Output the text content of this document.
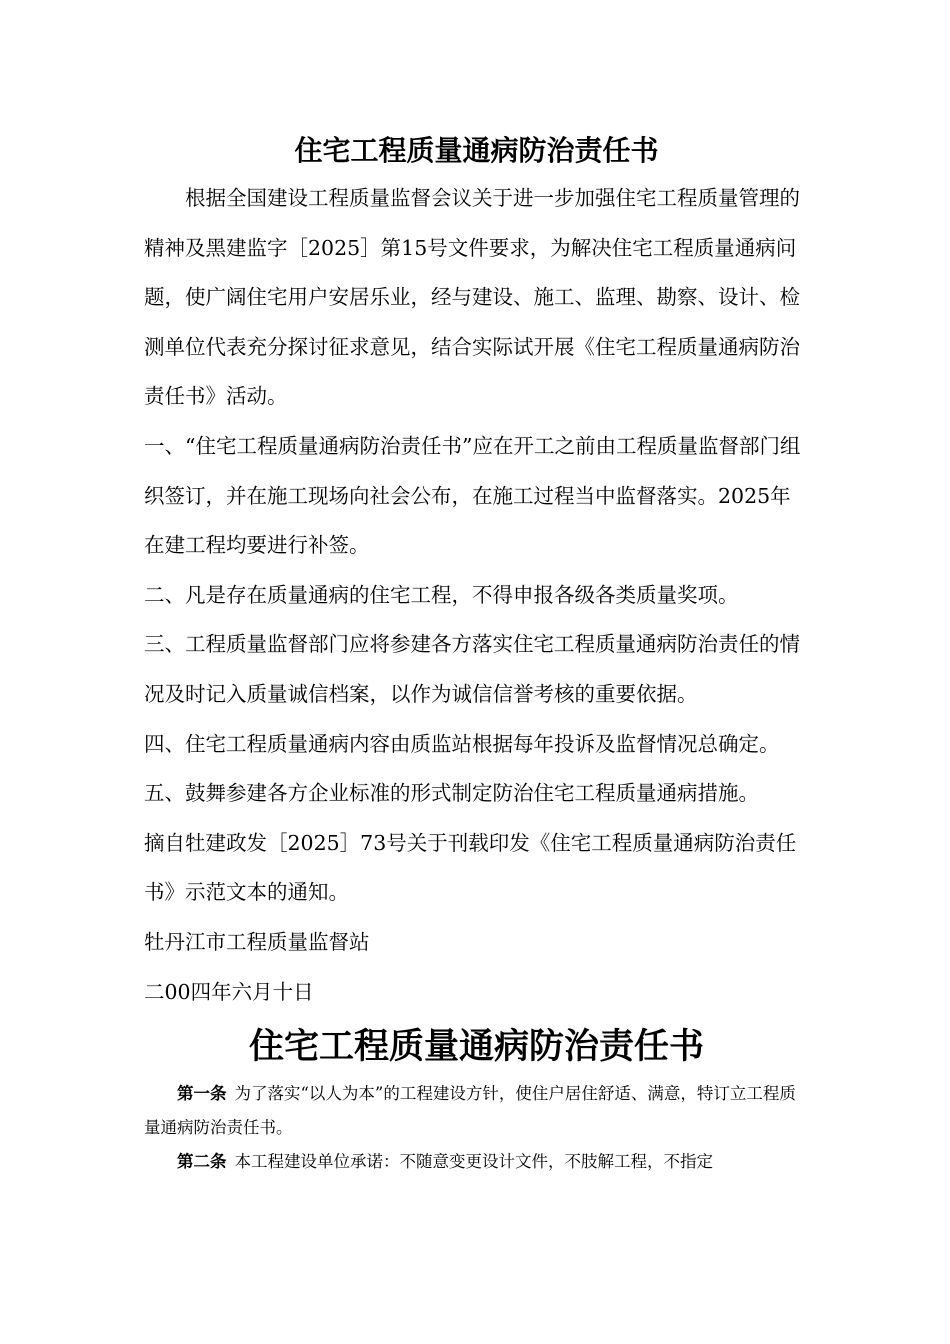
住宅工程质量通病防治责任书

根据全国建设工程质量监督会议关于进一步加强住宅工程质量管理的精神及黑建监字［2025］第15号文件要求，为解决住宅工程质量通病问题，使广阔住宅用户安居乐业，经与建设、施工、监理、勘察、设计、检测单位代表充分探讨征求意见，结合实际试开展《住宅工程质量通病防治责任书》活动。

一、“住宅工程质量通病防治责任书”应在开工之前由工程质量监督部门组织签订，并在施工现场向社会公布，在施工过程当中监督落实。2025年在建工程均要进行补签。

二、凡是存在质量通病的住宅工程，不得申报各级各类质量奖项。

三、工程质量监督部门应将参建各方落实住宅工程质量通病防治责任的情况及时记入质量诚信档案，以作为诚信信誉考核的重要依据。

四、住宅工程质量通病内容由质监站根据每年投诉及监督情况总确定。

五、鼓舞参建各方企业标准的形式制定防治住宅工程质量通病措施。

摘自牡建政发［2025］73号关于刊载印发《住宅工程质量通病防治责任书》示范文本的通知。

牡丹江市工程质量监督站

二00四年六月十日

住宅工程质量通病防治责任书

第一条 为了落实“以人为本”的工程建设方针，使住户居住舒适、满意，特订立工程质量通病防治责任书。

第二条 本工程建设单位承诺：不随意变更设计文件，不肢解工程，不指定
